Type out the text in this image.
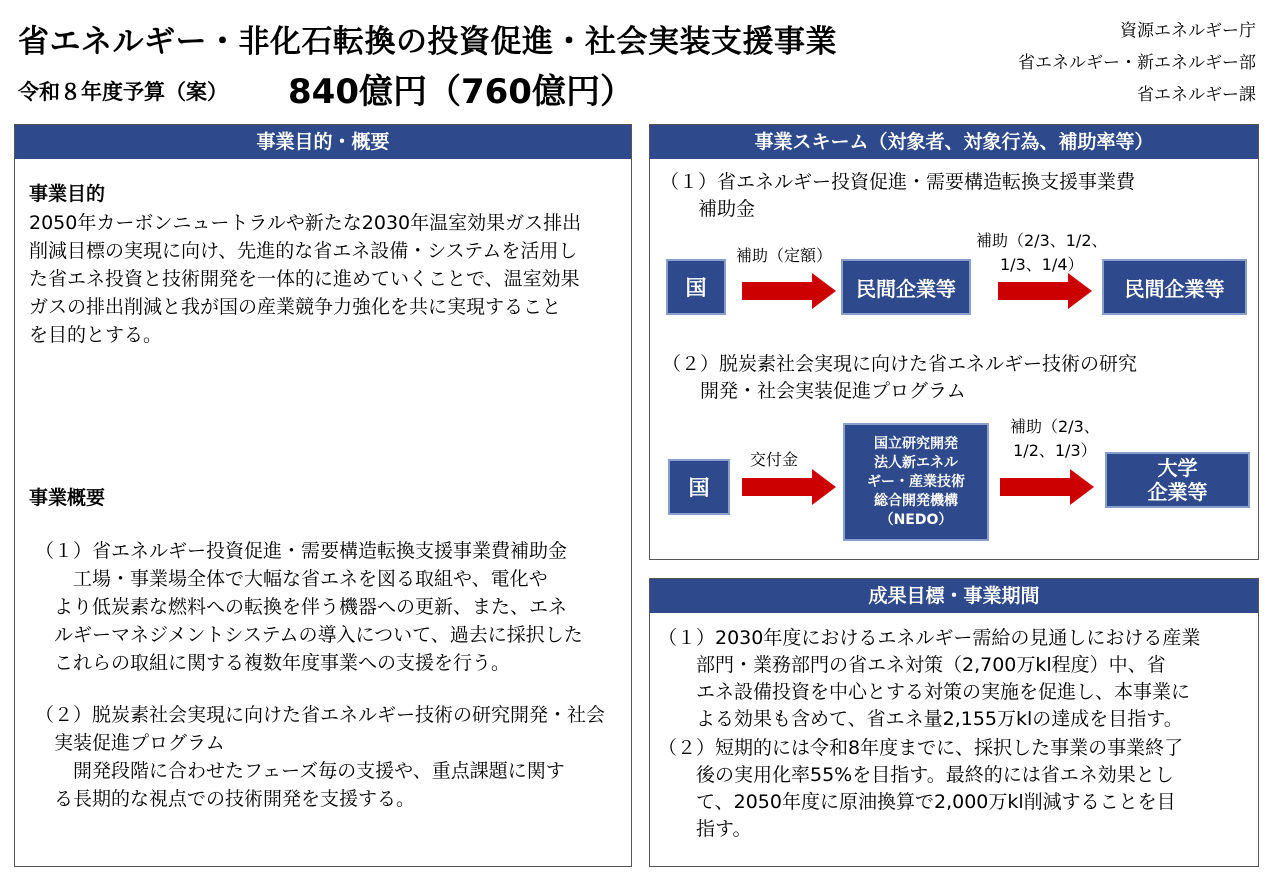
省エネルギー・非化石転換の投資促進・社会実装支援事業
令和８年度予算（案） 840億円（760億円）
資源エネルギー庁
省エネルギー・新エネルギー部
省エネルギー課
事業目的・概要
事業目的
2050年カーボンニュートラルや新たな2030年温室効果ガス排出
削減目標の実現に向け、先進的な省エネ設備・システムを活用し
た省エネ投資と技術開発を一体的に進めていくことで、温室効果
ガスの排出削減と我が国の産業競争力強化を共に実現すること
を目的とする。
事業概要
（１）省エネルギー投資促進・需要構造転換支援事業費補助金
　　工場・事業場全体で大幅な省エネを図る取組や、電化や
　より低炭素な燃料への転換を伴う機器への更新、また、エネ
　ルギーマネジメントシステムの導入について、過去に採択した
　これらの取組に関する複数年度事業への支援を行う。
（２）脱炭素社会実現に向けた省エネルギー技術の研究開発・社会
　実装促進プログラム
　　開発段階に合わせたフェーズ毎の支援や、重点課題に関す
　る長期的な視点での技術開発を支援する。
事業スキーム（対象者、対象行為、補助率等）
（１）省エネルギー投資促進・需要構造転換支援事業費
　　補助金
国
補助（定額）
民間企業等
補助（2/3、1/2、
1/3、1/4）
民間企業等
（２）脱炭素社会実現に向けた省エネルギー技術の研究
　　開発・社会実装促進プログラム
国
交付金
国立研究開発
法人新エネル
ギー・産業技術
総合開発機構
（NEDO）
補助（2/3、
1/2、1/3）
大学
企業等
成果目標・事業期間
（１）2030年度におけるエネルギー需給の見通しにおける産業
　　部門・業務部門の省エネ対策（2,700万kl程度）中、省
　　エネ設備投資を中心とする対策の実施を促進し、本事業に
　　よる効果も含めて、省エネ量2,155万klの達成を目指す。
（２）短期的には令和8年度までに、採択した事業の事業終了
　　後の実用化率55%を目指す。最終的には省エネ効果とし
　　て、2050年度に原油換算で2,000万kl削減することを目
　　指す。
